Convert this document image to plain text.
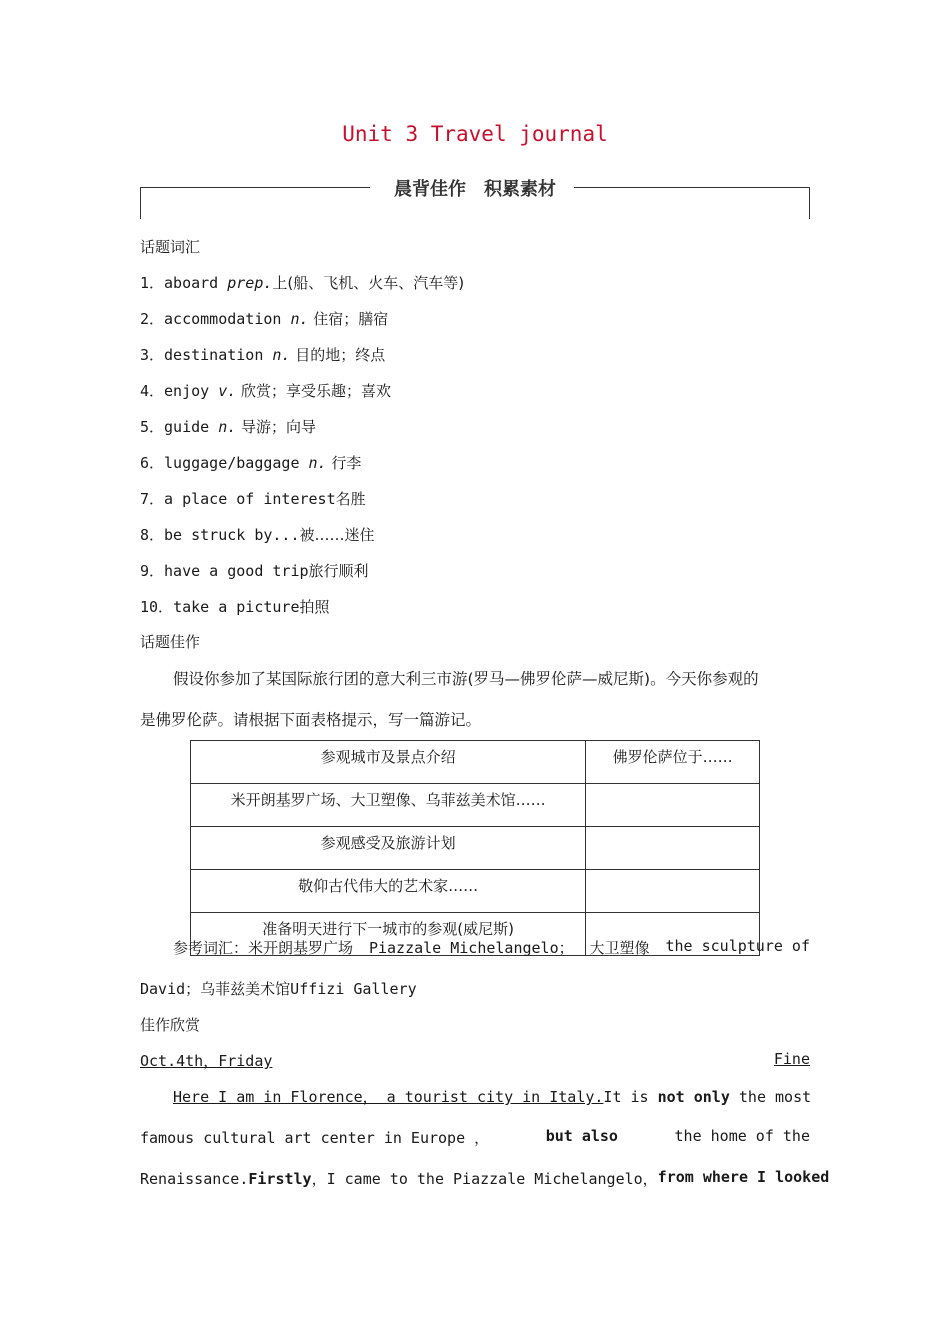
Unit 3 Travel journal
晨背佳作　积累素材
话题词汇
1．aboard prep.上(船、飞机、火车、汽车等)
2．accommodation n. 住宿；膳宿
3．destination n. 目的地；终点
4．enjoy v. 欣赏；享受乐趣；喜欢
5．guide n. 导游；向导
6．luggage/baggage n. 行李
7．a place of interest名胜
8．be struck by...被……迷住
9．have a good trip旅行顺利
10．take a picture拍照
话题佳作
假设你参加了某国际旅行团的意大利三市游(罗马—佛罗伦萨—威尼斯)。今天你参观的
是佛罗伦萨。请根据下面表格提示，写一篇游记。
参观城市及景点介绍	佛罗伦萨位于……
米开朗基罗广场、大卫塑像、乌菲兹美术馆……	
参观感受及旅游计划	
敬仰古代伟大的艺术家……	
准备明天进行下一城市的参观(威尼斯)	
参考词汇：米开朗基罗广场 Piazzale Michelangelo； 大卫塑像 the sculpture of
David；乌菲兹美术馆Uffizi Gallery
佳作欣赏
Oct.4th，Friday	Fine
Here I am in Florence， a tourist city in Italy.It is not only the most
famous cultural art center in Europe ，	but also	the home of the
Renaissance.Firstly，I came to the Piazzale Michelangelo， from where I looked
